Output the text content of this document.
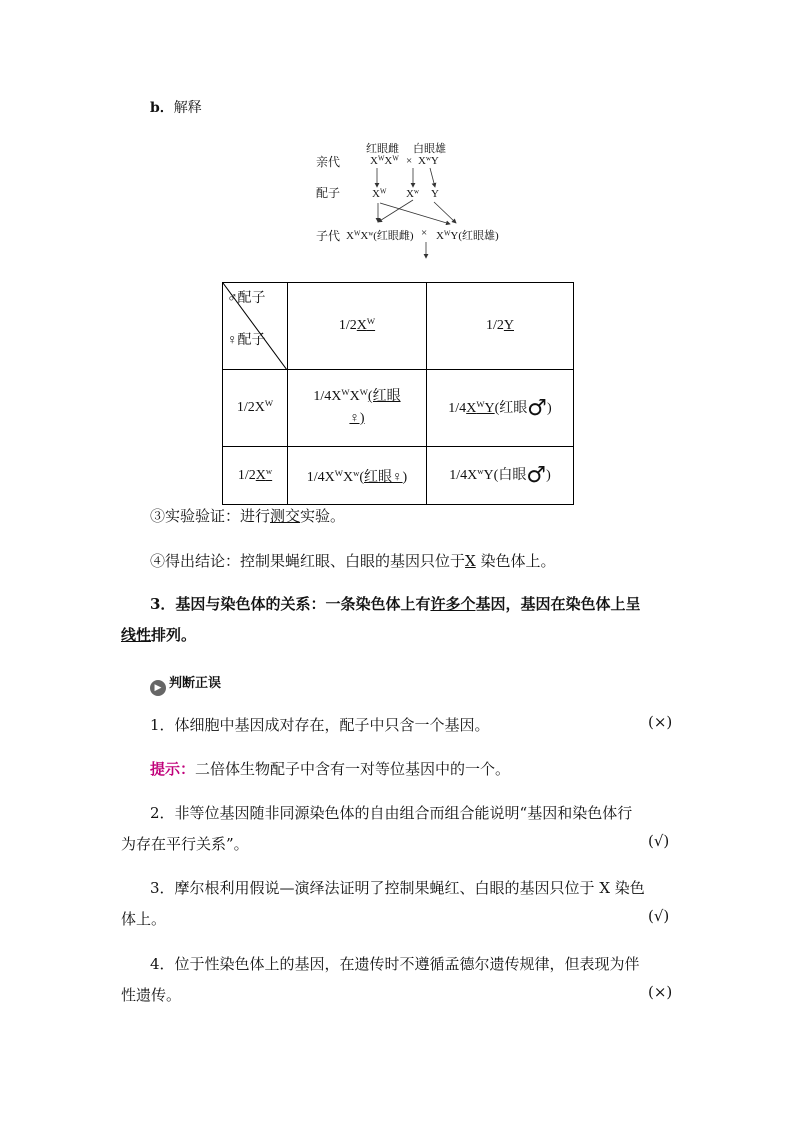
b．解释
红眼雌 白眼雄
亲代	$X^WX^W \times X^wY$
配子	$X^W$ $X^w$ Y
子代 $X^WX^w$(红眼雌) × $X^WY$(红眼雄)
♂配子
♀配子	$1/2X^W$	1/2Y
$1/2X^W$	$1/4X^WX^W$(红眼
♀)	$1/4X^WY$(红眼♂)
$1/2X^w$	$1/4X^WX^w$(红眼♀)	$1/4X^wY$(白眼♂)
③实验验证：进行测交实验。
④得出结论：控制果蝇红眼、白眼的基因只位于X 染色体上。
3．基因与染色体的关系：一条染色体上有许多个基因，基因在染色体上呈
线性排列。
▶ 判断正误
1．体细胞中基因成对存在，配子中只含一个基因。	(×)
提示：二倍体生物配子中含有一对等位基因中的一个。
2．非等位基因随非同源染色体的自由组合而组合能说明“基因和染色体行
为存在平行关系”。	(√)
3．摩尔根利用假说—演绎法证明了控制果蝇红、白眼的基因只位于 X 染色
体上。	(√)
4．位于性染色体上的基因，在遗传时不遵循孟德尔遗传规律，但表现为伴
性遗传。	(×)
